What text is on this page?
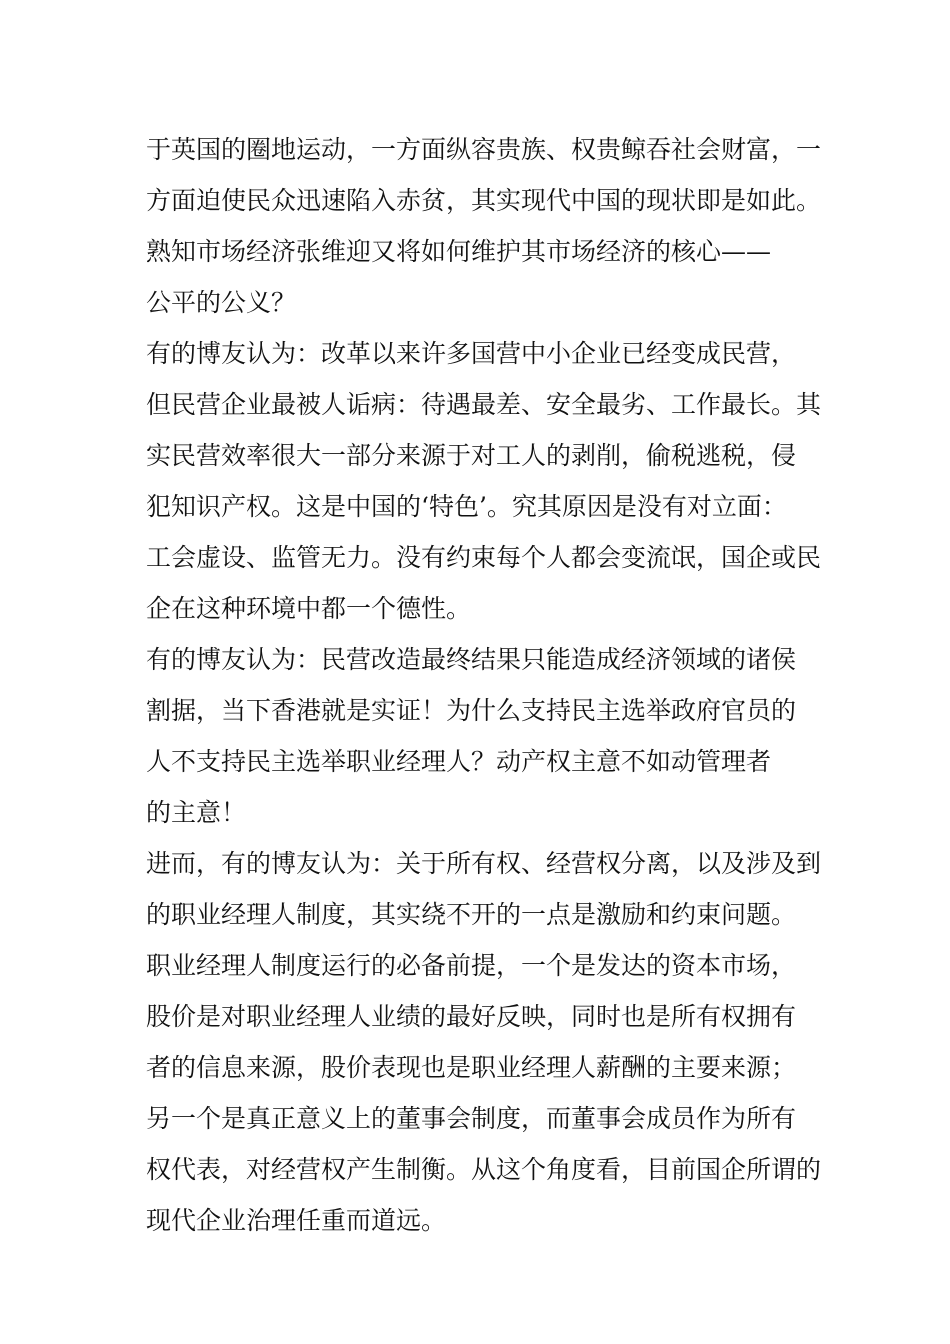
于英国的圈地运动，一方面纵容贵族、权贵鲸吞社会财富，一
方面迫使民众迅速陷入赤贫，其实现代中国的现状即是如此。
熟知市场经济张维迎又将如何维护其市场经济的核心——
公平的公义？
有的博友认为：改革以来许多国营中小企业已经变成民营，
但民营企业最被人诟病：待遇最差、安全最劣、工作最长。其
实民营效率很大一部分来源于对工人的剥削，偷税逃税，侵
犯知识产权。这是中国的‘特色’。究其原因是没有对立面：
工会虚设、监管无力。没有约束每个人都会变流氓，国企或民
企在这种环境中都一个德性。
有的博友认为：民营改造最终结果只能造成经济领域的诸侯
割据，当下香港就是实证！为什么支持民主选举政府官员的
人不支持民主选举职业经理人？动产权主意不如动管理者
的主意！
进而，有的博友认为：关于所有权、经营权分离，以及涉及到
的职业经理人制度，其实绕不开的一点是激励和约束问题。
职业经理人制度运行的必备前提，一个是发达的资本市场，
股价是对职业经理人业绩的最好反映，同时也是所有权拥有
者的信息来源，股价表现也是职业经理人薪酬的主要来源；
另一个是真正意义上的董事会制度，而董事会成员作为所有
权代表，对经营权产生制衡。从这个角度看，目前国企所谓的
现代企业治理任重而道远。
